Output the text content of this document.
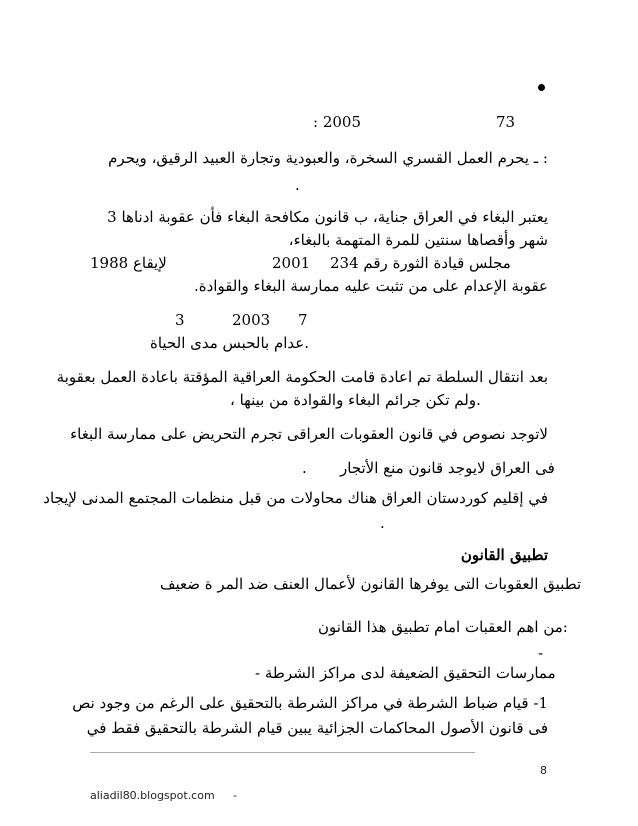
73
: 2005
: ـ يحرم العمل القسري السخرة، والعبودية وتجارة العبيد الرقيق، ويحرم
.
يعتبر البغاء في العراق جناية، ب قانون مكافحة البغاء فأن عقوبة ادناها 3
شهر وأقصاها سنتين للمرة المتهمة بالبغاء،
مجلس قيادة الثورة رقم 234
2001
1988 لإيقاع
عقوبة الإعدام على من تثبت عليه ممارسة البغاء والقوادة.
7
2003
3
عدام بالحبس مدى الحياة.
بعد انتقال السلطة تم اعادة قامت الحكومة العراقية المؤقتة باعادة العمل بعقوبة
، ولم تكن جرائم البغاء والقوادة من بينها.
لاتوجد نصوص في قانون العقوبات العراقى تجرم التحريض على ممارسة البغاء
فى العراق لايوجد قانون منع الأتجار
.
في إقليم كوردستان العراق هناك محاولات من قبل منظمات المجتمع المدنى لإيجاد
.
تطبيق القانون
تطبيق العقوبات التى يوفرها القانون لأعمال العنف ضد المر ة ضعيف
من اهم العقبات امام تطبيق هذا القانون:
-
- ممارسات التحقيق الضعيفة لدى مراكز الشرطة
1- قيام ضباط الشرطة في مراكز الشرطة بالتحقيق على الرغم من وجود نص
فى قانون الأصول المحاكمات الجزائية يبين قيام الشرطة بالتحقيق فقط في
8
aliadil80.blogspot.com -
